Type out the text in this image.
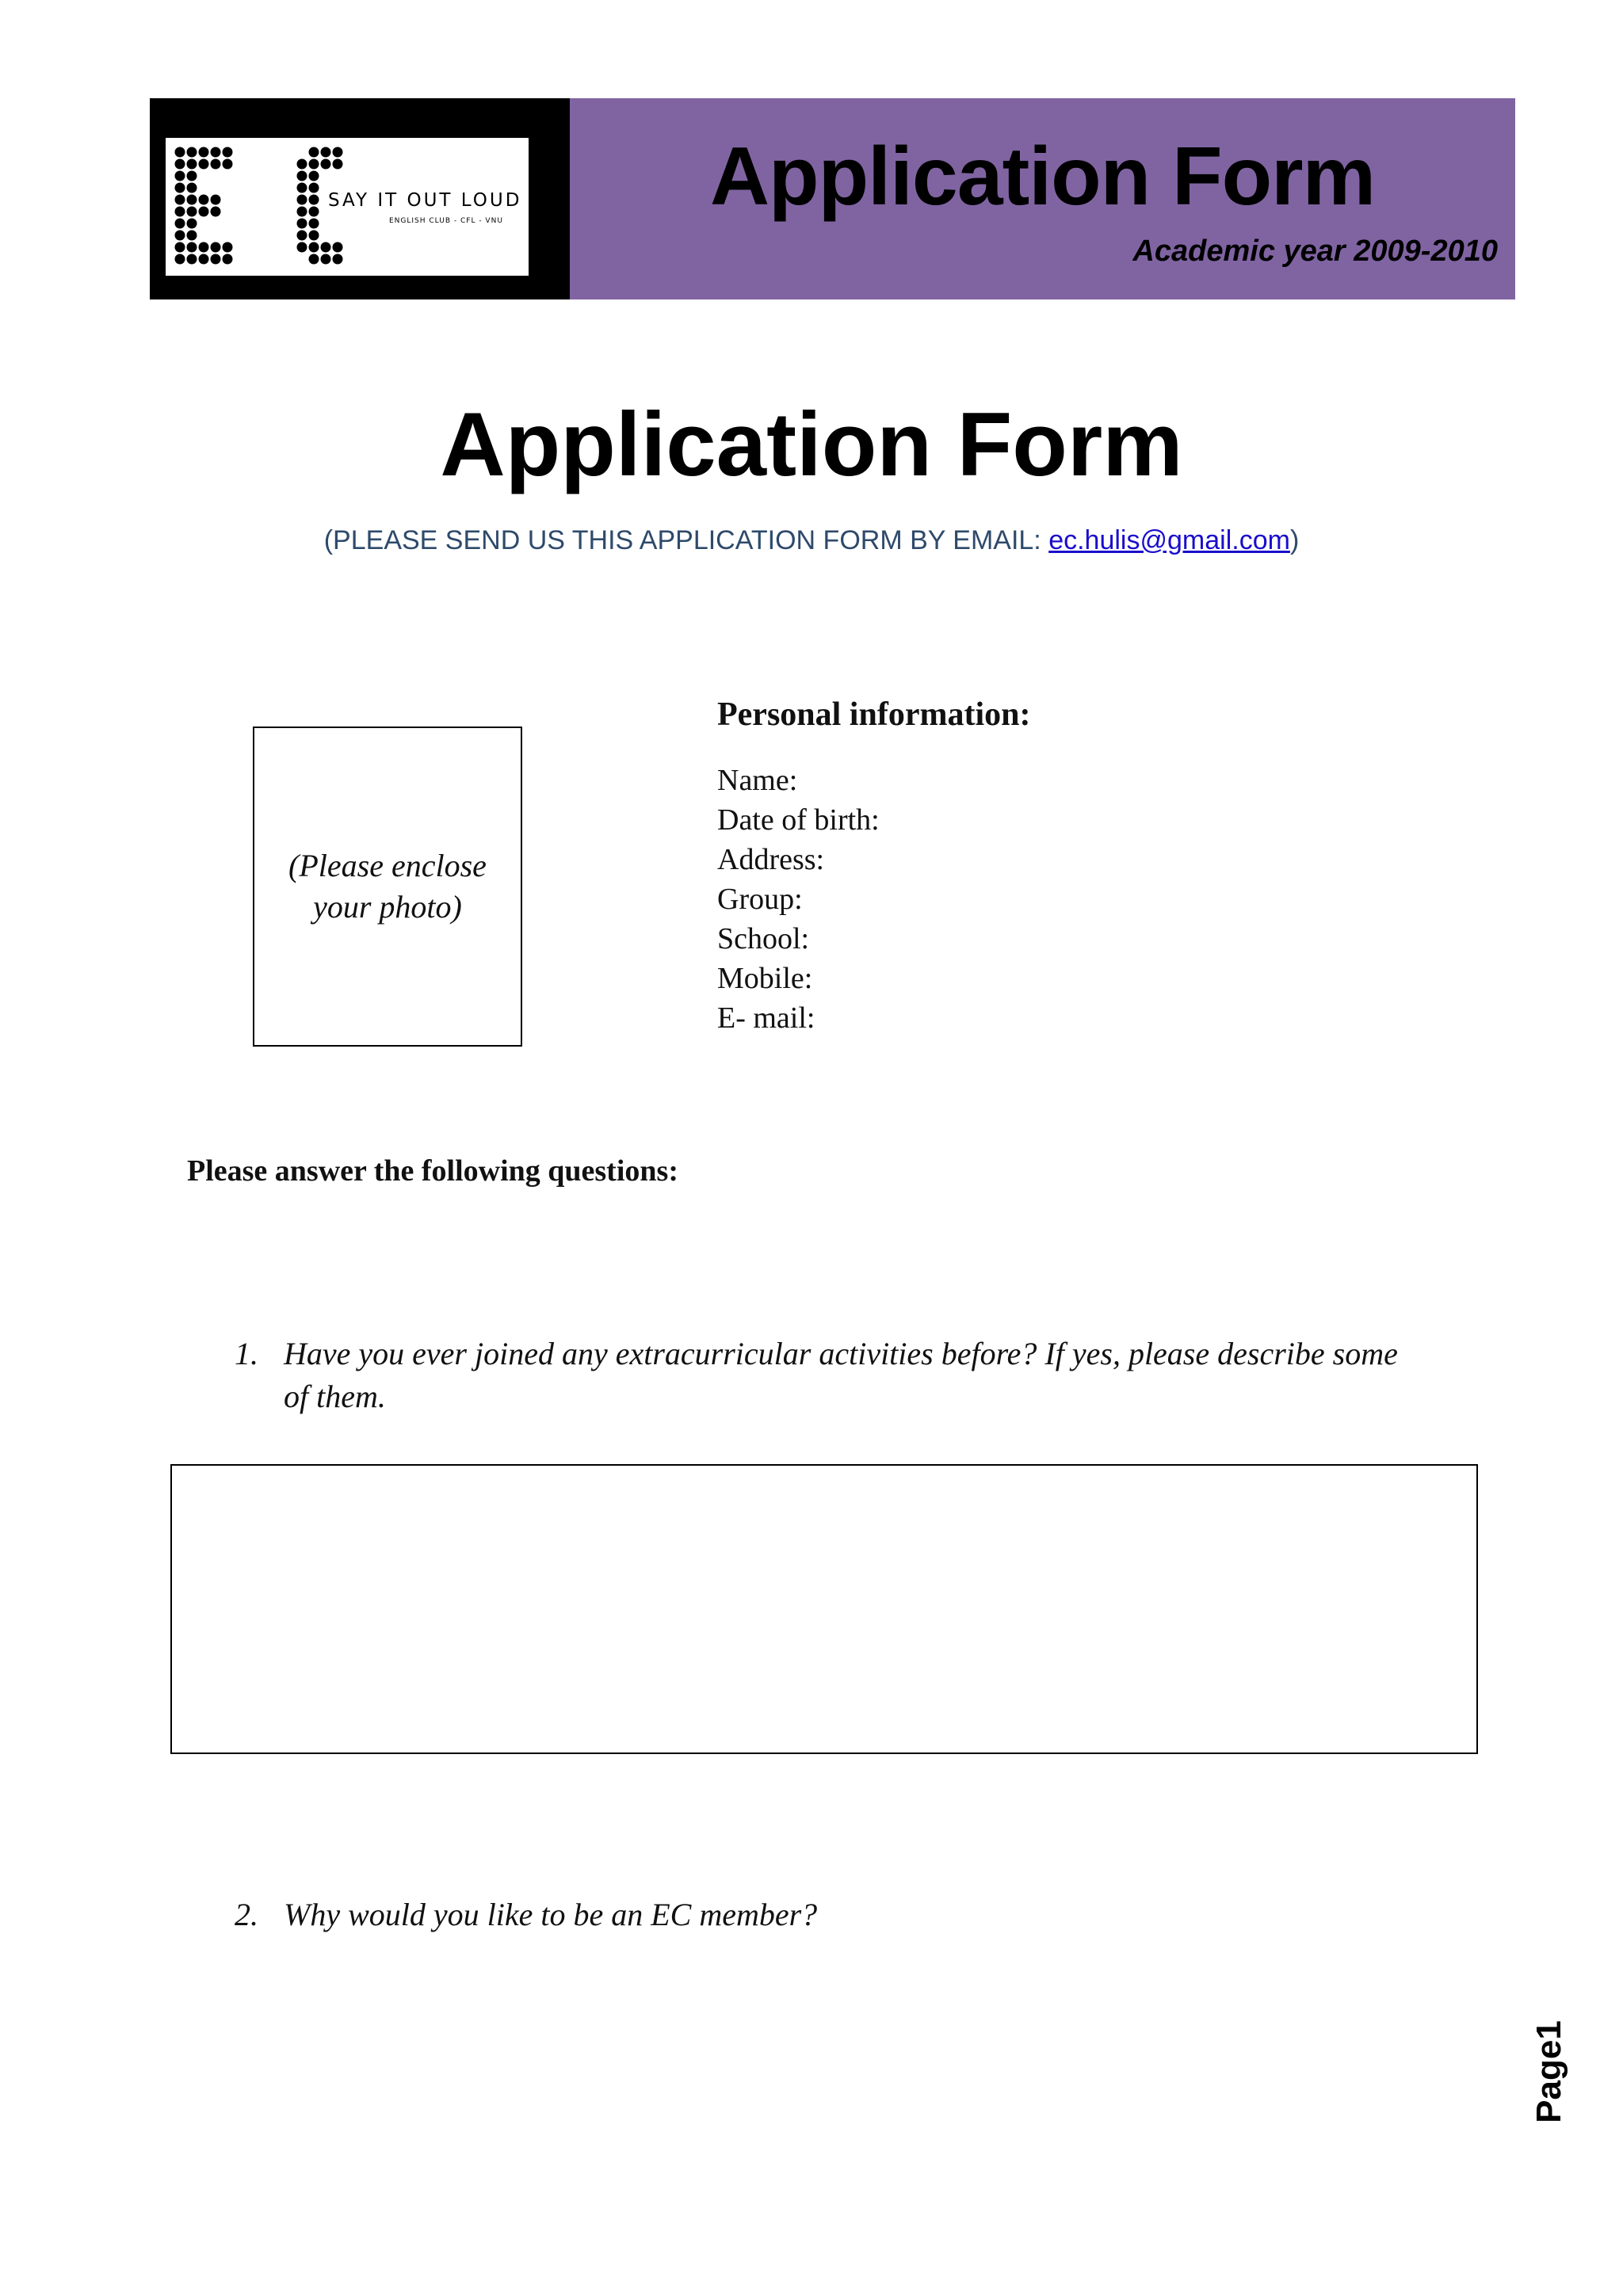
SAY IT OUT LOUD
ENGLISH CLUB - CFL - VNU	Application Form
Academic year 2009-2010
Application Form
(PLEASE SEND US THIS APPLICATION FORM BY EMAIL: ec.hulis@gmail.com)
(Please enclose
your photo)
Personal information:
Name:
Date of birth:
Address:
Group:
School:
Mobile:
E- mail:
Please answer the following questions:
1. Have you ever joined any extracurricular activities before? If yes, please describe some
of them.
2. Why would you like to be an EC member?
Page1
